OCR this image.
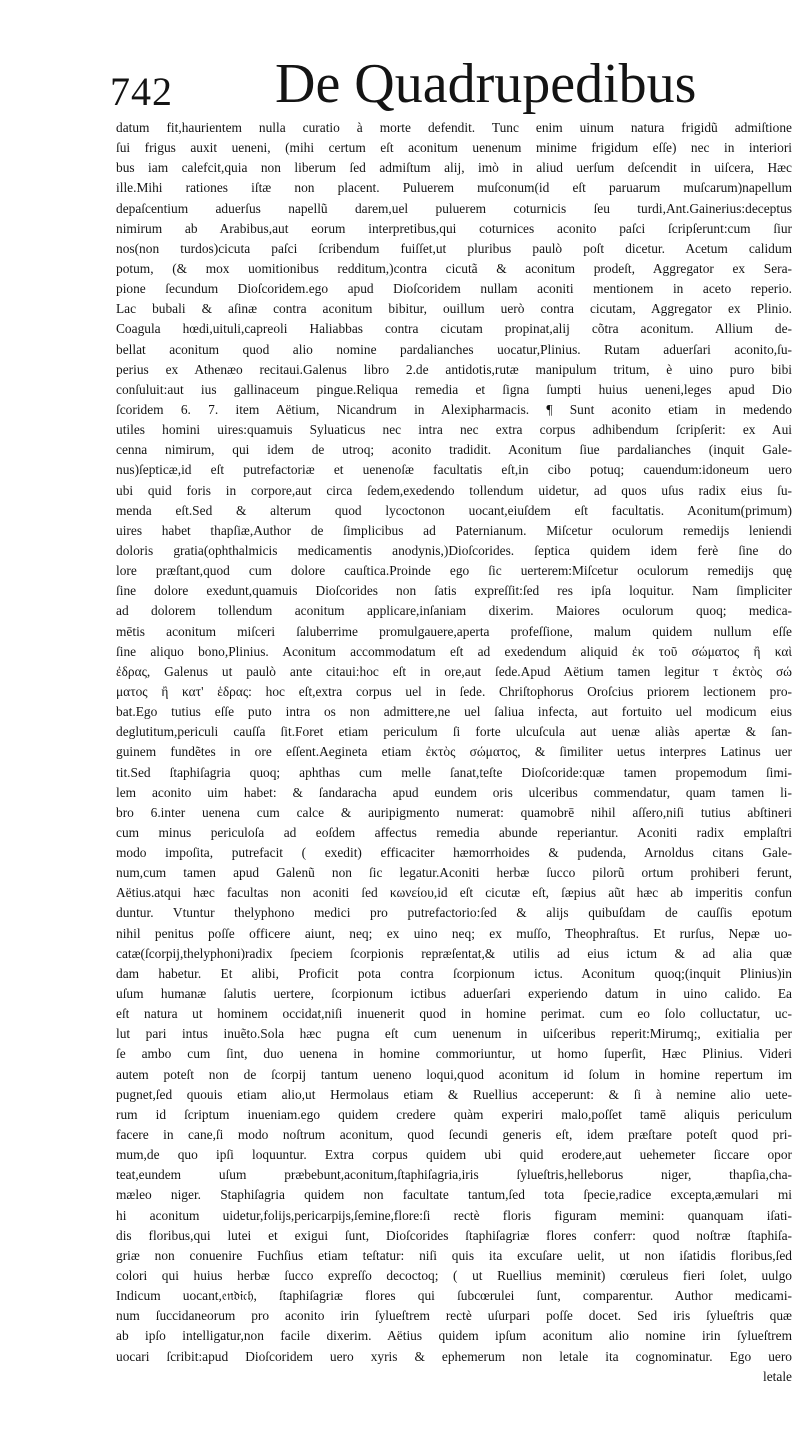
742 De Quadrupedibus
datum fit,haurientem nulla curatio à morte defendit. Tunc enim uinum natura frigidũ admiſtione
ſui frigus auxit ueneni, (mihi certum eſt aconitum uenenum minime frigidum eſſe) nec in interiori
bus iam calefcit,quia non liberum ſed admiſtum alij, imò in aliud uerſum deſcendit in uiſcera, Hæc
ille.Mihi rationes iſtæ non placent. Puluerem muſconum(id eſt paruarum muſcarum)napellum
depaſcentium aduerſus napellũ darem,uel puluerem coturnicis ſeu turdi,Ant.Gainerius:deceptus
nimirum ab Arabibus,aut eorum interpretibus,qui coturnices aconito paſci ſcripſerunt:cum ſiur
nos(non turdos)cicuta paſci ſcribendum fuiſſet,ut pluribus paulò poſt dicetur. Acetum calidum
potum, (& mox uomitionibus redditum,)contra cicutã & aconitum prodeſt, Aggregator ex Sera-
pione ſecundum Dioſcoridem.ego apud Dioſcoridem nullam aconiti mentionem in aceto reperio.
Lac bubali & aſinæ contra aconitum bibitur, ouillum uerò contra cicutam, Aggregator ex Plinio.
Coagula hœdi,uituli,capreoli Haliabbas contra cicutam propinat,alij cõtra aconitum. Allium de-
bellat aconitum quod alio nomine pardalianches uocatur,Plinius. Rutam aduerſari aconito,ſu-
perius ex Athenæo recitaui.Galenus libro 2.de antidotis,rutæ manipulum tritum, è uino puro bibi
conſuluit:aut ius gallinaceum pingue.Reliqua remedia et ſigna ſumpti huius ueneni,leges apud Dio
ſcoridem 6. 7. item Aëtium, Nicandrum in Alexipharmacis. ¶ Sunt aconito etiam in medendo
utiles homini uires:quamuis Syluaticus nec intra nec extra corpus adhibendum ſcripſerit: ex Aui
cenna nimirum, qui idem de utroq; aconito tradidit. Aconitum ſiue pardalianches (inquit Gale-
nus)ſepticæ,id eſt putrefactoriæ et uenenoſæ facultatis eſt,in cibo potuq; cauendum:idoneum uero
ubi quid foris in corpore,aut circa ſedem,exedendo tollendum uidetur, ad quos uſus radix eius ſu-
menda eſt.Sed & alterum quod lycoctonon uocant,eiuſdem eſt facultatis. Aconitum(primum)
uires habet thapſiæ,Author de ſimplicibus ad Paternianum. Miſcetur oculorum remedijs leniendi
doloris gratia(ophthalmicis medicamentis anodynis,)Dioſcorides. ſeptica quidem idem ferè ſine do
lore præſtant,quod cum dolore cauſtica.Proinde ego ſic uerterem:Miſcetur oculorum remedijs quę
ſine dolore exedunt,quamuis Dioſcorides non ſatis expreſſit:ſed res ipſa loquitur. Nam ſimpliciter
ad dolorem tollendum aconitum applicare,inſaniam dixerim. Maiores oculorum quoq; medica-
mētis aconitum miſceri ſaluberrime promulgauere,aperta profeſſione, malum quidem nullum eſſe
ſine aliquo bono,Plinius. Aconitum accommodatum eſt ad exedendum aliquid ἐκ τοῦ σώματος ἢ καὶ
ἐδρας, Galenus ut paulò ante citaui:hoc eſt in ore,aut ſede.Apud Aëtium tamen legitur τ ἐκτὸς σώ
ματος ἢ κατ' ἑδρας: hoc eſt,extra corpus uel in ſede. Chriſtophorus Oroſcius priorem lectionem pro-
bat.Ego tutius eſſe puto intra os non admittere,ne uel ſaliua infecta, aut fortuito uel modicum eius
deglutitum,periculi cauſſa ſit.Foret etiam periculum ſi forte ulcuſcula aut uenæ aliàs apertæ & ſan-
guinem fundẽtes in ore eſſent.Aegineta etiam ἐκτὸς σώματος, & ſimiliter uetus interpres Latinus uer
tit.Sed ſtaphiſagria quoq; aphthas cum melle ſanat,teſte Dioſcoride:quæ tamen propemodum ſimi-
lem aconito uim habet: & ſandaracha apud eundem oris ulceribus commendatur, quam tamen li-
bro 6.inter uenena cum calce & auripigmento numerat: quamobrē nihil aſſero,niſi tutius abſtineri
cum minus periculoſa ad eoſdem affectus remedia abunde reperiantur. Aconiti radix emplaſtri
modo impoſita, putrefacit ( exedit) efficaciter hæmorrhoides & pudenda, Arnoldus citans Gale-
num,cum tamen apud Galenũ non ſic legatur.Aconiti herbæ ſucco pilorũ ortum prohiberi ferunt,
Aëtius.atqui hæc facultas non aconiti ſed κωνείου,id eſt cicutæ eſt, ſæpius aũt hæc ab imperitis confun
duntur. Vtuntur thelyphono medici pro putrefactorio:ſed & alijs quibuſdam de cauſſis epotum
nihil penitus poſſe officere aiunt, neq; ex uino neq; ex muſſo, Theophraſtus. Et rurſus, Nepæ uo-
catæ(ſcorpij,thelyphoni)radix ſpeciem ſcorpionis repræſentat,& utilis ad eius ictum & ad alia quæ
dam habetur. Et alibi, Proficit pota contra ſcorpionum ictus. Aconitum quoq;(inquit Plinius)in
uſum humanæ ſalutis uertere, ſcorpionum ictibus aduerſari experiendo datum in uino calido. Ea
eſt natura ut hominem occidat,niſi inuenerit quod in homine perimat. cum eo ſolo colluctatur, uc-
lut pari intus inuẽto.Sola hæc pugna eſt cum uenenum in uiſceribus reperit:Mirumq;, exitialia per
ſe ambo cum ſint, duo uenena in homine commoriuntur, ut homo ſuperſit, Hæc Plinius. Videri
autem poteſt non de ſcorpij tantum ueneno loqui,quod aconitum id ſolum in homine repertum im
pugnet,ſed quouis etiam alio,ut Hermolaus etiam & Ruellius acceperunt: & ſi à nemine alio uete-
rum id ſcriptum inueniam.ego quidem credere quàm experiri malo,poſſet tamē aliquis periculum
facere in cane,ſi modo noſtrum aconitum, quod ſecundi generis eſt, idem præſtare poteſt quod pri-
mum,de quo ipſi loquuntur. Extra corpus quidem ubi quid erodere,aut uehemeter ſiccare opor
teat,eundem uſum præbebunt,aconitum,ſtaphiſagria,iris ſylueſtris,helleborus niger, thapſia,cha-
mæleo niger. Staphiſagria quidem non facultate tantum,ſed tota ſpecie,radice excepta,æmulari mi
hi aconitum uidetur,folijs,pericarpijs,ſemine,flore:ſi rectè floris figuram memini: quanquam iſati-
dis floribus,qui lutei et exigui ſunt, Dioſcorides ſtaphiſagriæ flores conferr: quod noſtræ ſtaphiſa-
griæ non conuenire Fuchſius etiam teſtatur: niſi quis ita excuſare uelit, ut non iſatidis floribus,ſed
colori qui huius herbæ ſucco expreſſo decoctoq; ( ut Ruellius meminit) cœruleus fieri ſolet, uulgo
Indicum uocant,𝔢𝔫𝔡𝔦𝔠𝔥, ſtaphiſagriæ flores qui ſubcœrulei ſunt, comparentur. Author medicami-
num ſuccidaneorum pro aconito irin ſylueſtrem rectè uſurpari poſſe docet. Sed iris ſylueſtris quæ
ab ipſo intelligatur,non facile dixerim. Aëtius quidem ipſum aconitum alio nomine irin ſylueſtrem
uocari ſcribit:apud Dioſcoridem uero xyris & ephemerum non letale ita cognominatur. Ego uero
letale
